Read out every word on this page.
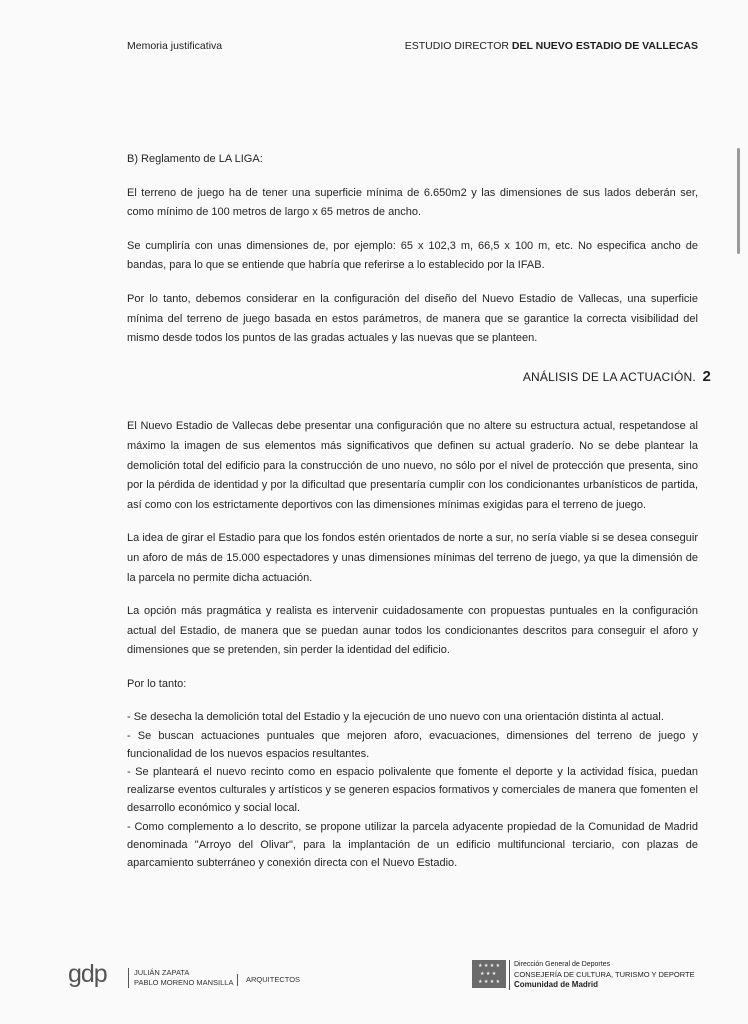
Memoria justificativa	ESTUDIO DIRECTOR DEL NUEVO ESTADIO DE VALLECAS

B) Reglamento de LA LIGA:

El terreno de juego ha de tener una superficie mínima de 6.650m2 y las dimensiones de sus lados deberán ser, como mínimo de 100 metros de largo x 65 metros de ancho.

Se cumpliría con unas dimensiones de, por ejemplo: 65 x 102,3 m, 66,5 x 100 m, etc. No especifica ancho de bandas, para lo que se entiende que habría que referirse a lo establecido por la IFAB.

Por lo tanto, debemos considerar en la configuración del diseño del Nuevo Estadio de Vallecas, una superficie mínima del terreno de juego basada en estos parámetros, de manera que se garantice la correcta visibilidad del mismo desde todos los puntos de las gradas actuales y las nuevas que se planteen.

ANÁLISIS DE LA ACTUACIÓN. 2

El Nuevo Estadio de Vallecas debe presentar una configuración que no altere su estructura actual, respetandose al máximo la imagen de sus elementos más significativos que definen su actual graderío. No se debe plantear la demolición total del edificio para la construcción de uno nuevo, no sólo por el nivel de protección que presenta, sino por la pérdida de identidad y por la dificultad que presentaría cumplir con los condicionantes urbanísticos de partida, así como con los estrictamente deportivos con las dimensiones mínimas exigidas para el terreno de juego.

La idea de girar el Estadio para que los fondos estén orientados de norte a sur, no sería viable si se desea conseguir un aforo de más de 15.000 espectadores y unas dimensiones mínimas del terreno de juego, ya que la dimensión de la parcela no permite dicha actuación.

La opción más pragmática y realista es intervenir cuidadosamente con propuestas puntuales en la configuración actual del Estadio, de manera que se puedan aunar todos los condicionantes descritos para conseguir el aforo y dimensiones que se pretenden, sin perder la identidad del edificio.

Por lo tanto:

- Se desecha la demolición total del Estadio y la ejecución de uno nuevo con una orientación distinta al actual.
- Se buscan actuaciones puntuales que mejoren aforo, evacuaciones, dimensiones del terreno de juego y funcionalidad de los nuevos espacios resultantes.
- Se planteará el nuevo recinto como en espacio polivalente que fomente el deporte y la actividad física, puedan realizarse eventos culturales y artísticos y se generen espacios formativos y comerciales de manera que fomenten el desarrollo económico y social local.
- Como complemento a lo descrito, se propone utilizar la parcela adyacente propiedad de la Comunidad de Madrid denominada "Arroyo del Olivar", para la implantación de un edificio multifuncional terciario, con plazas de aparcamiento subterráneo y conexión directa con el Nuevo Estadio.
gdp	JULIÁN ZAPATA
PABLO MORENO MANSILLA	ARQUITECTOS
★ ★ ★ ★
★ ★ ★
★ ★ ★ ★
Dirección General de Deportes
CONSEJERÍA DE CULTURA, TURISMO Y DEPORTE
Comunidad de Madrid
